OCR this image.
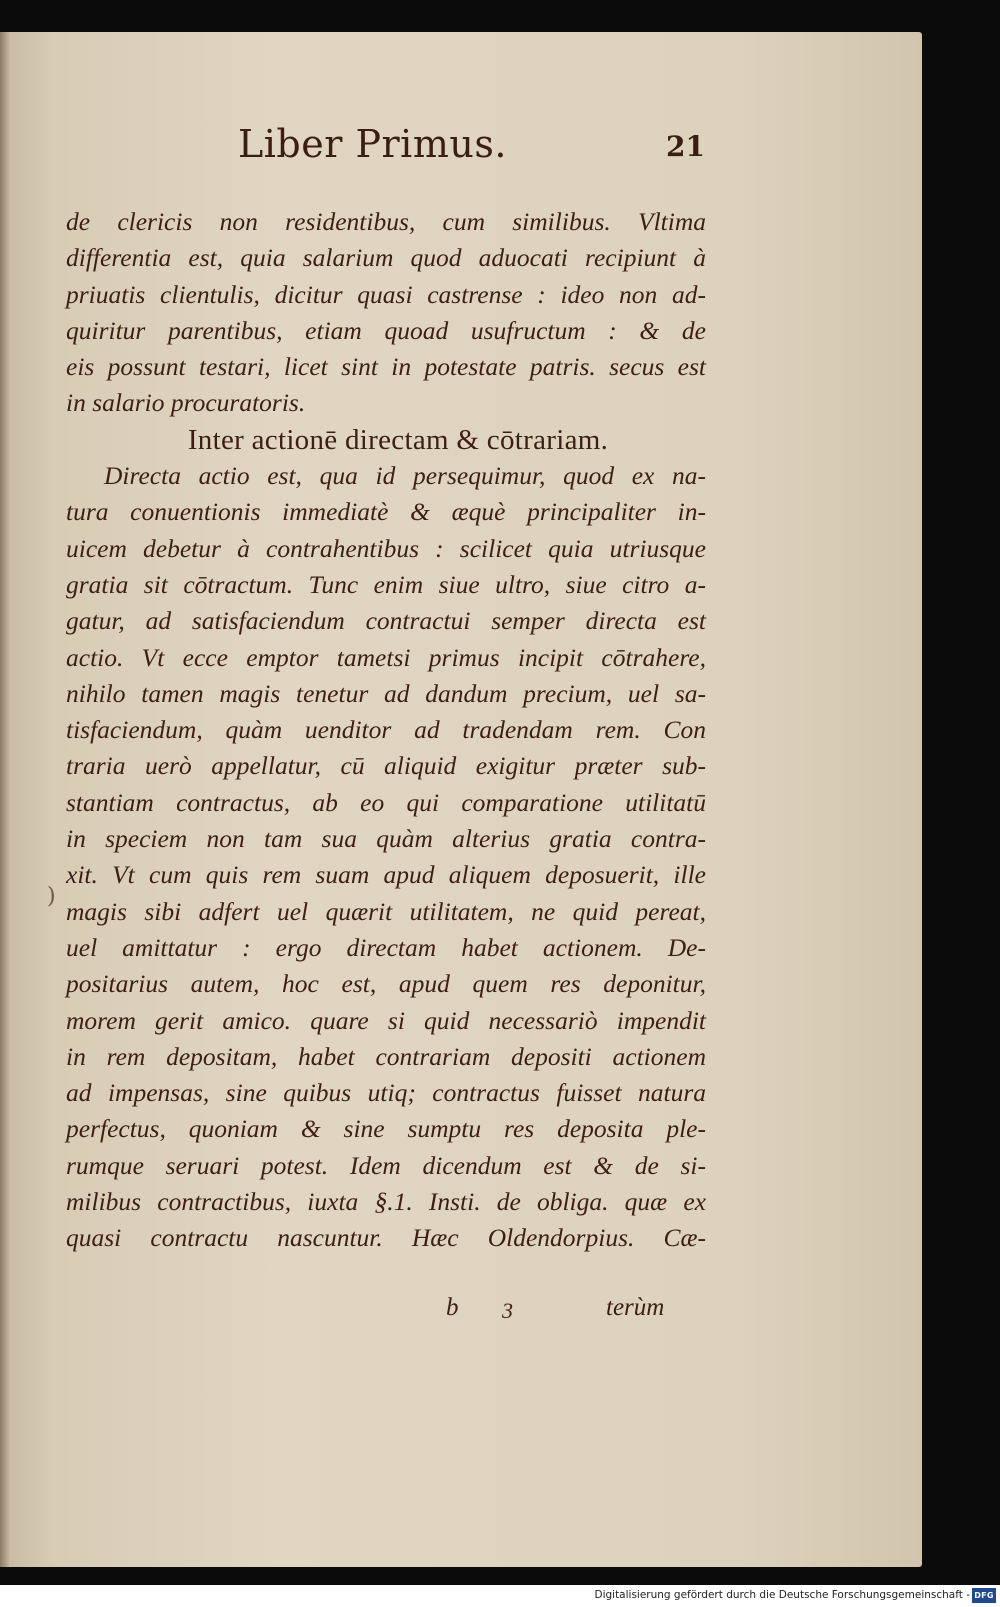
Liber Primus.	21
)
de clericis non residentibus, cum similibus. Vltima
differentia est, quia salarium quod aduocati recipiunt à
priuatis clientulis, dicitur quasi castrense : ideo non ad-
quiritur parentibus, etiam quoad usufructum : & de
eis possunt testari, licet sint in potestate patris. secus est
in salario procuratoris.
Inter actionē directam & cōtrariam.
Directa actio est, qua id persequimur, quod ex na-
tura conuentionis immediatè & æquè principaliter in-
uicem debetur à contrahentibus : scilicet quia utriusque
gratia sit cōtractum. Tunc enim siue ultro, siue citro a-
gatur, ad satisfaciendum contractui semper directa est
actio. Vt ecce emptor tametsi primus incipit cōtrahere,
nihilo tamen magis tenetur ad dandum precium, uel sa-
tisfaciendum, quàm uenditor ad tradendam rem. Con
traria uerò appellatur, cū aliquid exigitur præter sub-
stantiam contractus, ab eo qui comparatione utilitatū
in speciem non tam sua quàm alterius gratia contra-
xit. Vt cum quis rem suam apud aliquem deposuerit, ille
magis sibi adfert uel quærit utilitatem, ne quid pereat,
uel amittatur : ergo directam habet actionem. De-
positarius autem, hoc est, apud quem res deponitur,
morem gerit amico. quare si quid necessariò impendit
in rem depositam, habet contrariam depositi actionem
ad impensas, sine quibus utiq; contractus fuisset natura
perfectus, quoniam & sine sumptu res deposita ple-
rumque seruari potest. Idem dicendum est & de si-
milibus contractibus, iuxta §.1. Insti. de obliga. quæ ex
quasi contractu nascuntur. Hæc Oldendorpius. Cæ-
b 3	terùm
Digitalisierung gefördert durch die Deutsche Forschungsgemeinschaft - DFG
